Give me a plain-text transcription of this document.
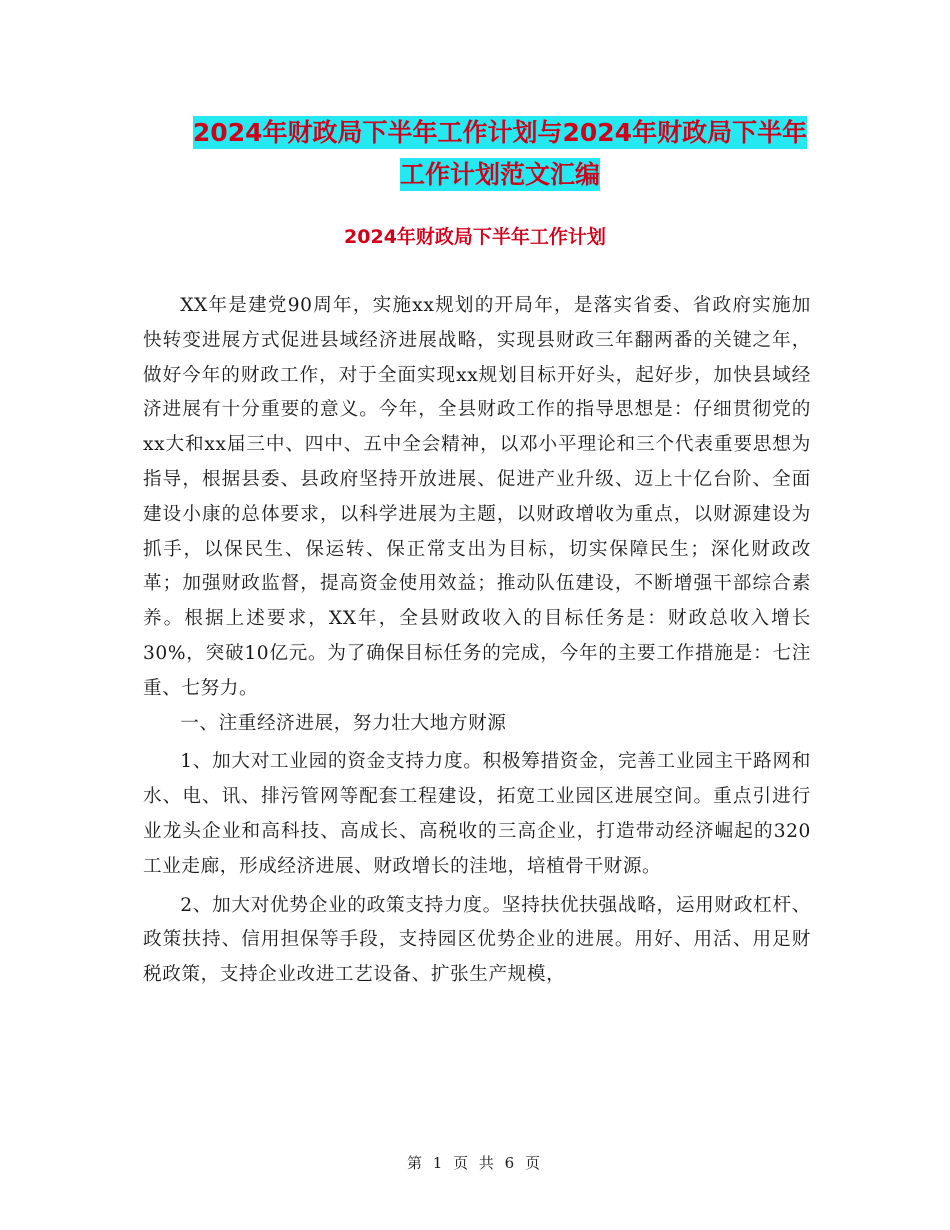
2024年财政局下半年工作计划与2024年财政局下半年
工作计划范文汇编
2024年财政局下半年工作计划

XX年是建党90周年，实施xx规划的开局年，是落实省委、省政府实施加快转变进展方式促进县域经济进展战略，实现县财政三年翻两番的关键之年，做好今年的财政工作，对于全面实现xx规划目标开好头，起好步，加快县域经济进展有十分重要的意义。今年，全县财政工作的指导思想是：仔细贯彻党的xx大和xx届三中、四中、五中全会精神，以邓小平理论和三个代表重要思想为指导，根据县委、县政府坚持开放进展、促进产业升级、迈上十亿台阶、全面建设小康的总体要求，以科学进展为主题，以财政增收为重点，以财源建设为抓手，以保民生、保运转、保正常支出为目标，切实保障民生；深化财政改革；加强财政监督，提高资金使用效益；推动队伍建设，不断增强干部综合素养。根据上述要求，XX年，全县财政收入的目标任务是：财政总收入增长30%，突破10亿元。为了确保目标任务的完成，今年的主要工作措施是：七注重、七努力。

一、注重经济进展，努力壮大地方财源

1、加大对工业园的资金支持力度。积极筹措资金，完善工业园主干路网和水、电、讯、排污管网等配套工程建设，拓宽工业园区进展空间。重点引进行业龙头企业和高科技、高成长、高税收的三高企业，打造带动经济崛起的320工业走廊，形成经济进展、财政增长的洼地，培植骨干财源。

2、加大对优势企业的政策支持力度。坚持扶优扶强战略，运用财政杠杆、政策扶持、信用担保等手段，支持园区优势企业的进展。用好、用活、用足财税政策，支持企业改进工艺设备、扩张生产规模，

第 1 页 共 6 页
